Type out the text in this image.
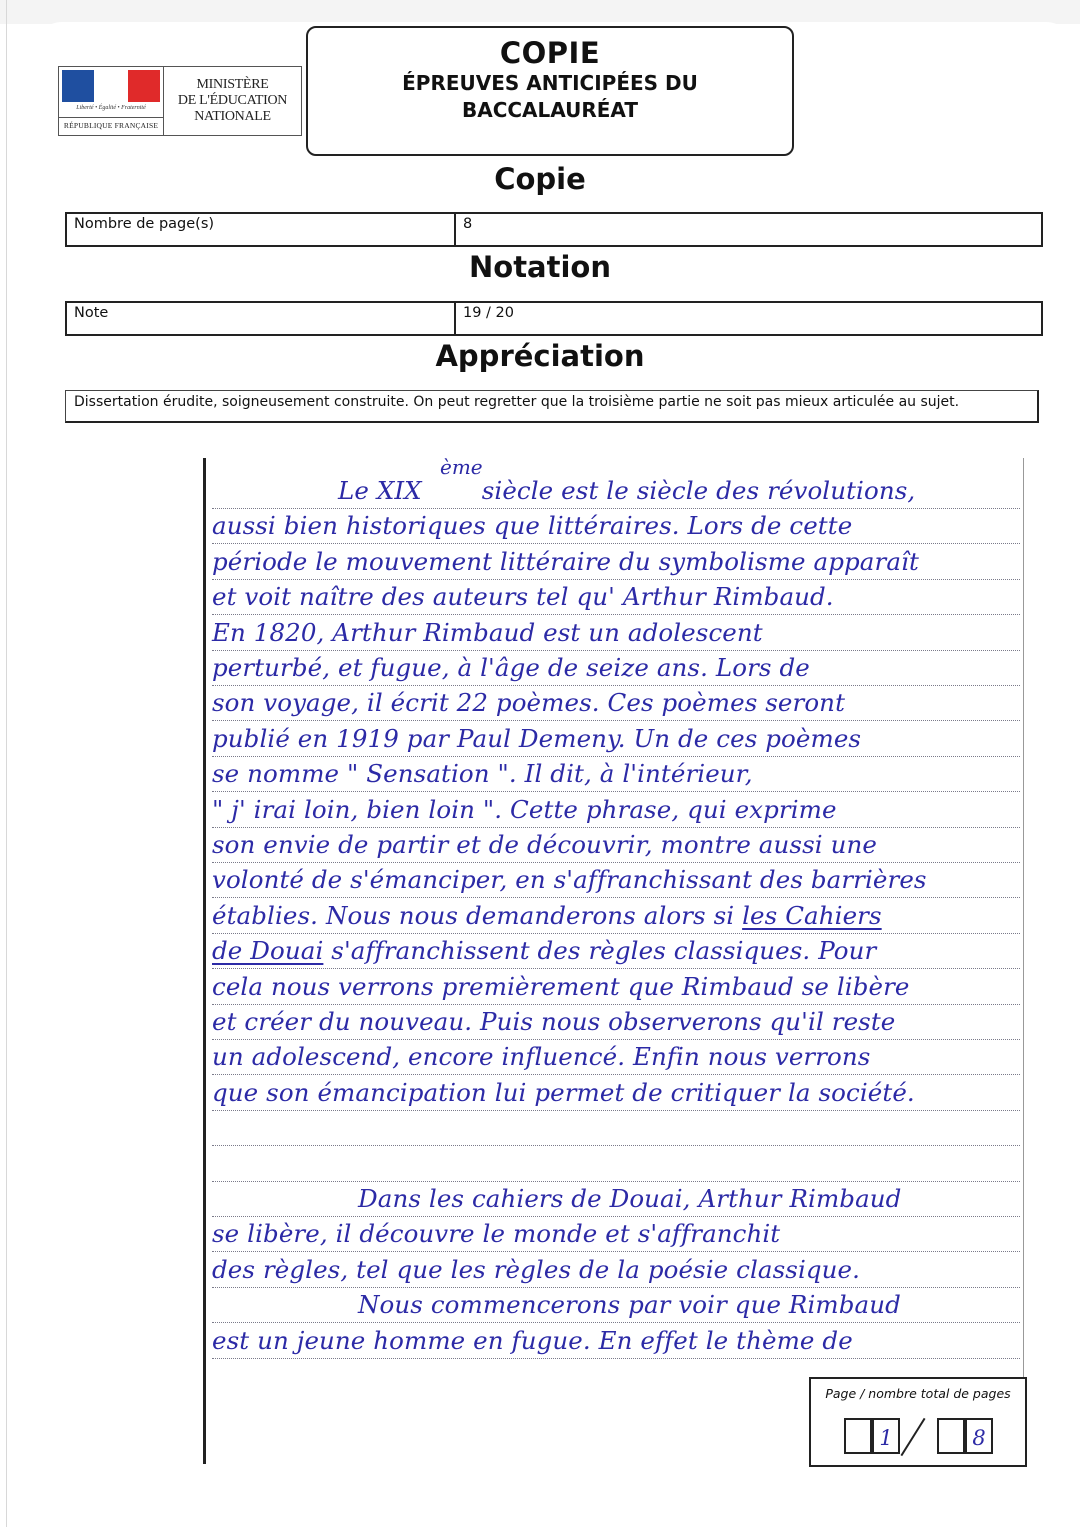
Liberté • Égalité • Fraternité
RÉPUBLIQUE FRANÇAISE
MINISTÈRE
DE L'ÉDUCATION
NATIONALE
COPIE
ÉPREUVES ANTICIPÉES DU
BACCALAURÉAT
Copie
Nombre de page(s)	8
Notation
Note	19 / 20
Appréciation
Dissertation érudite, soigneusement construite. On peut regretter que la troisième partie ne soit pas mieux articulée au sujet.
ème
Le XIX siècle est le siècle des révolutions,
aussi bien historiques que littéraires. Lors de cette
période le mouvement littéraire du symbolisme apparaît
et voit naître des auteurs tel qu' Arthur Rimbaud.
En 1820, Arthur Rimbaud est un adolescent
perturbé, et fugue, à l'âge de seize ans. Lors de
son voyage, il écrit 22 poèmes. Ces poèmes seront
publié en 1919 par Paul Demeny. Un de ces poèmes
se nomme " Sensation ". Il dit, à l'intérieur,
" j' irai loin, bien loin ". Cette phrase, qui exprime
son envie de partir et de découvrir, montre aussi une
volonté de s'émanciper, en s'affranchissant des barrières
établies. Nous nous demanderons alors si les Cahiers
de Douai s'affranchissent des règles classiques. Pour
cela nous verrons premièrement que Rimbaud se libère
et créer du nouveau. Puis nous observerons qu'il reste
un adolescend, encore influencé. Enfin nous verrons
que son émancipation lui permet de critiquer la société.
Dans les cahiers de Douai, Arthur Rimbaud
se libère, il découvre le monde et s'affranchit
des règles, tel que les règles de la poésie classique.
Nous commencerons par voir que Rimbaud
est un jeune homme en fugue. En effet le thème de
Page / nombre total de pages
1	8
